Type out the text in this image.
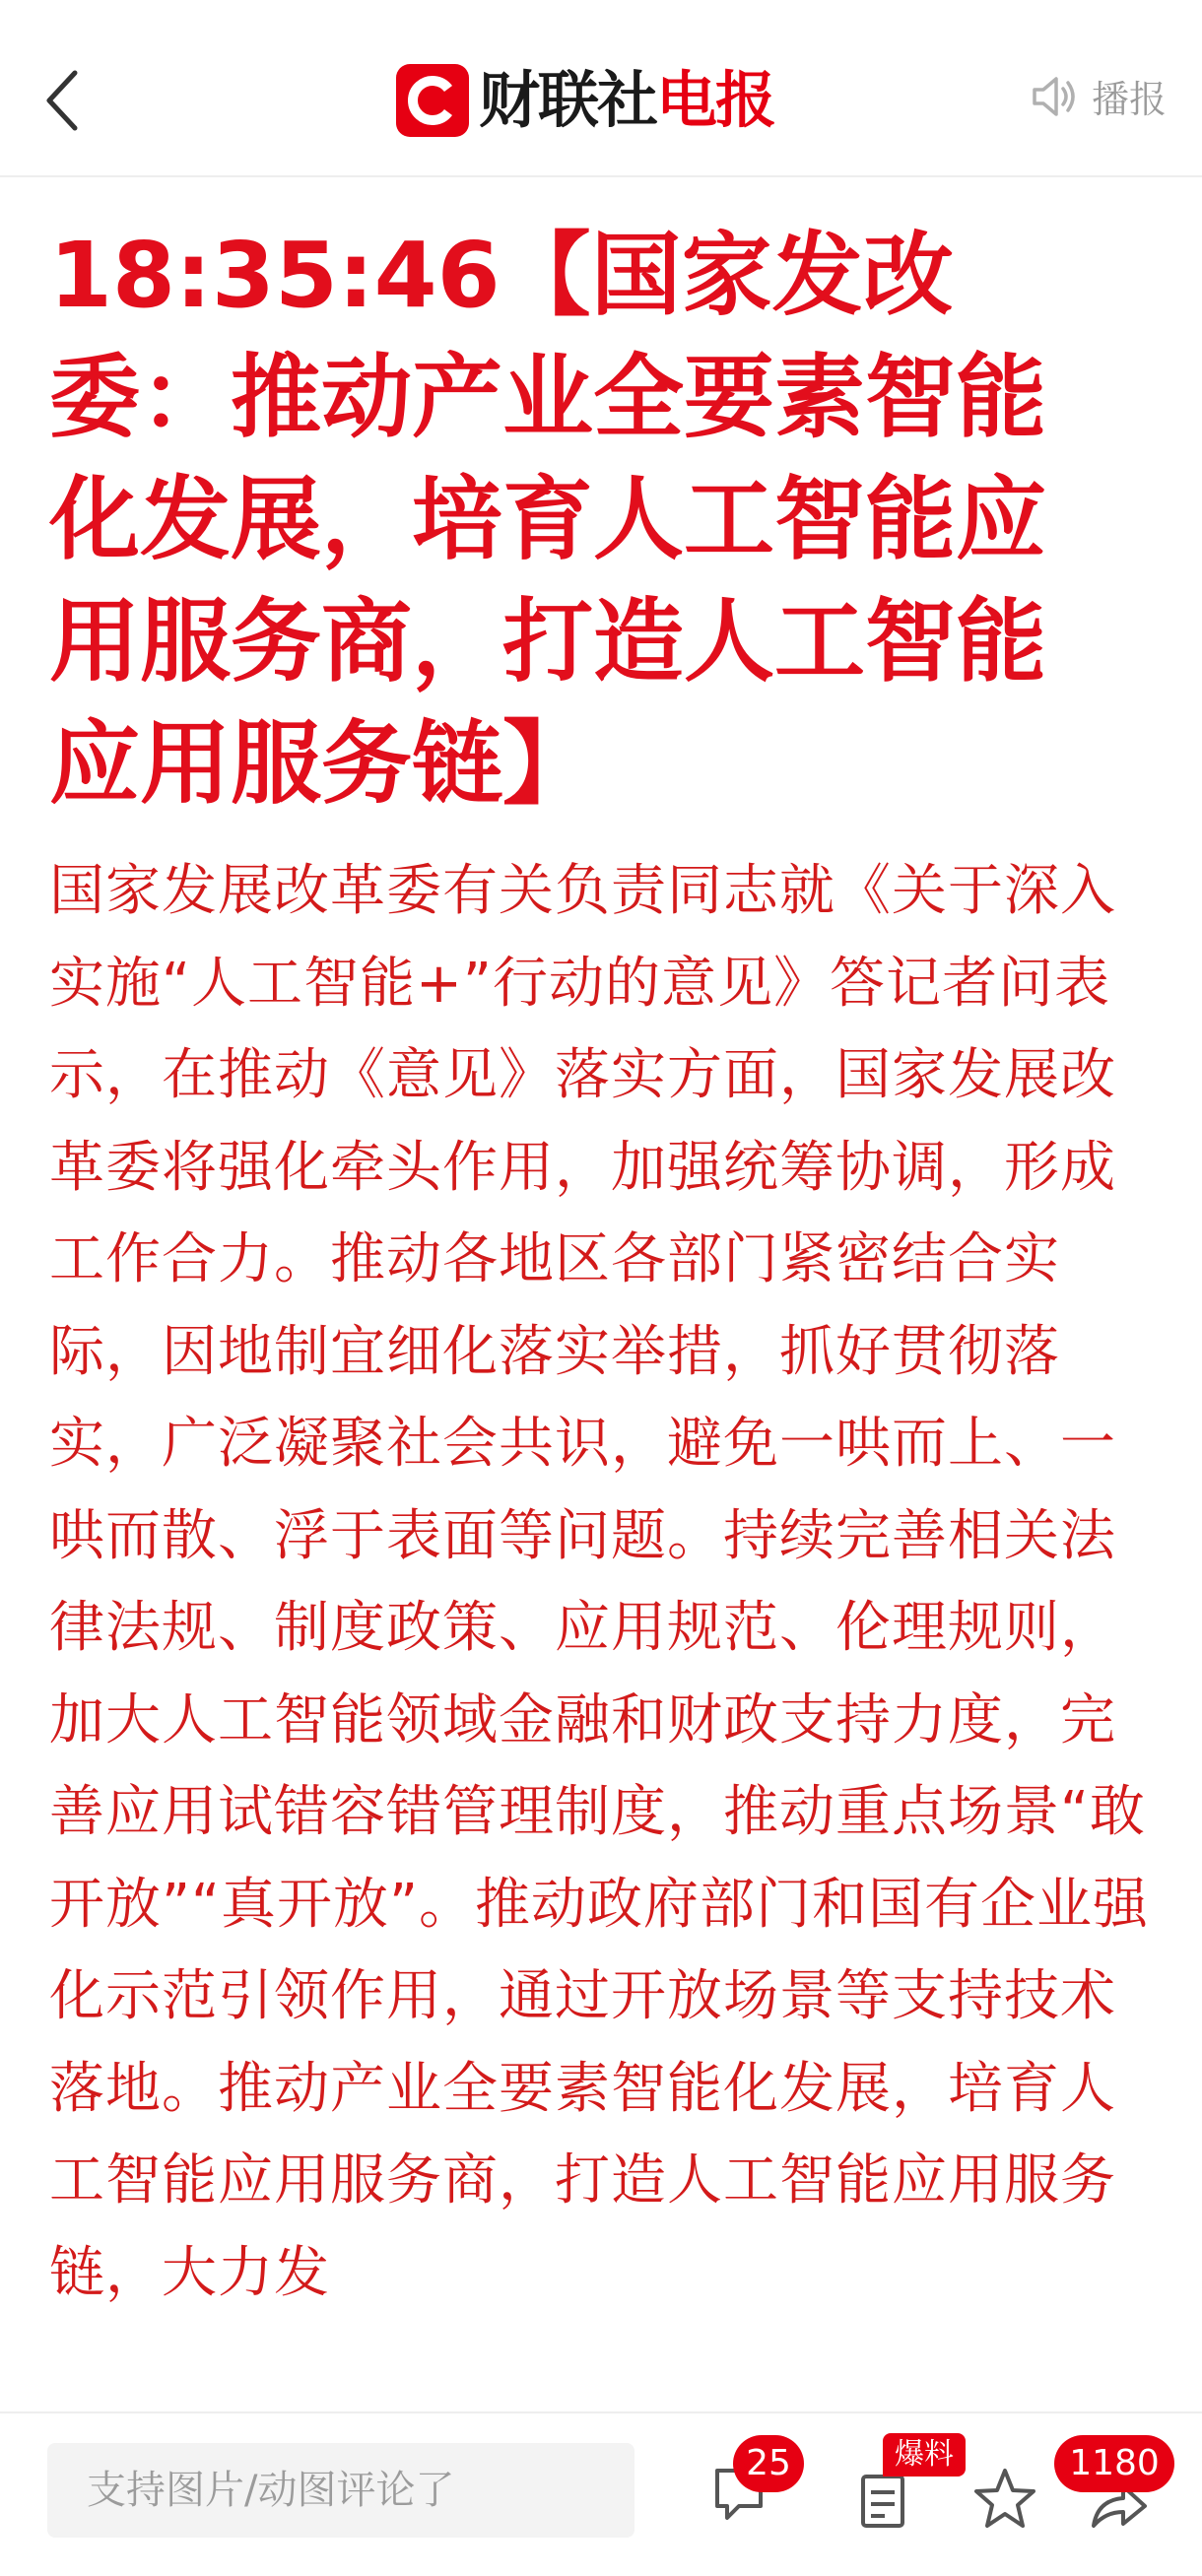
财联社 电报	播报
18:35:46【国家发改委：推动产业全要素智能化发展，培育人工智能应用服务商，打造人工智能应用服务链】

国家发展改革委有关负责同志就《关于深入实施“人工智能+”行动的意见》答记者问表示，在推动《意见》落实方面，国家发展改革委将强化牵头作用，加强统筹协调，形成工作合力。推动各地区各部门紧密结合实际，因地制宜细化落实举措，抓好贯彻落实，广泛凝聚社会共识，避免一哄而上、一哄而散、浮于表面等问题。持续完善相关法律法规、制度政策、应用规范、伦理规则，加大人工智能领域金融和财政支持力度，完善应用试错容错管理制度，推动重点场景“敢开放”“真开放”。推动政府部门和国有企业强化示范引领作用，通过开放场景等支持技术落地。推动产业全要素智能化发展，培育人工智能应用服务商，打造人工智能应用服务链，大力发

支持图片/动图评论了
25	爆料	1180
